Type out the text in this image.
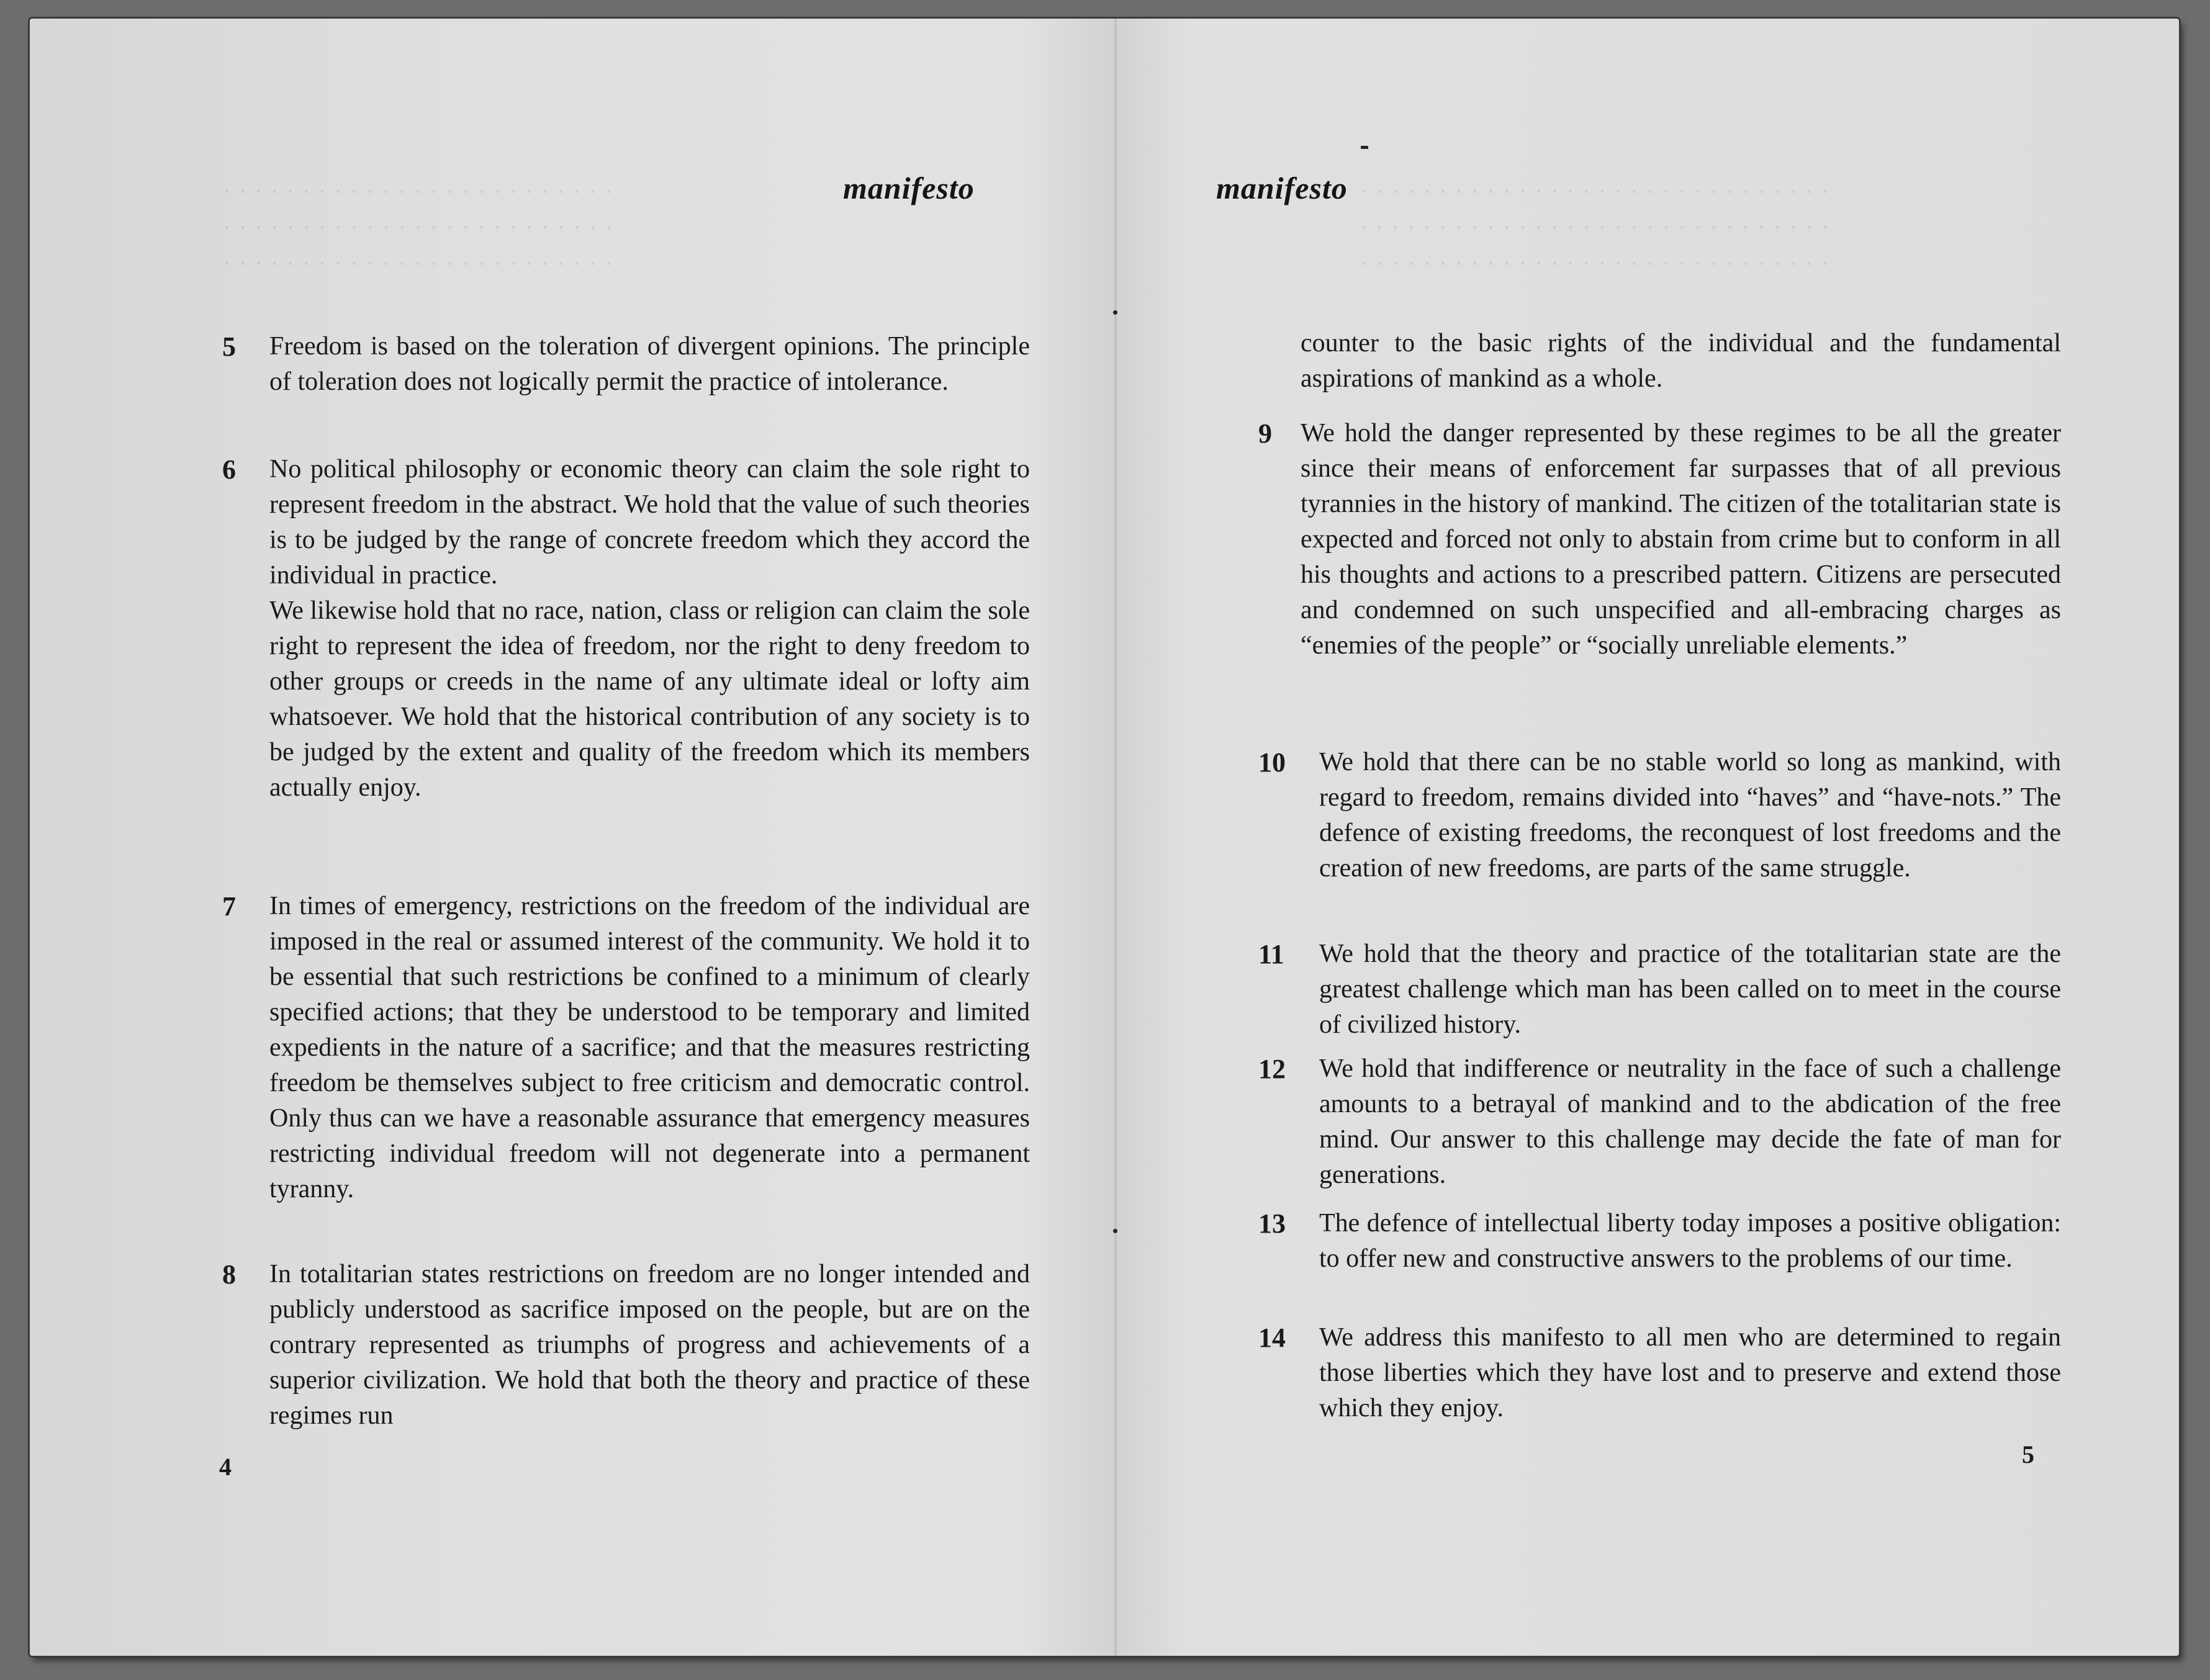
· · · · · · · · · · · · · · · · · · · · · · · · ·
· · · · · · · · · · · · · · · · · · · · · · · · ·
· · · · · · · · · · · · · · · · · · · · · · · · ·
manifesto
5 Freedom is based on the toleration of divergent opinions. The principle of toleration does not logically permit the practice of intolerance.

6 No political philosophy or economic theory can claim the sole right to represent freedom in the abstract. We hold that the value of such theories is to be judged by the range of concrete freedom which they accord the individual in practice.

We likewise hold that no race, nation, class or religion can claim the sole right to represent the idea of freedom, nor the right to deny freedom to other groups or creeds in the name of any ultimate ideal or lofty aim whatsoever. We hold that the historical contribution of any society is to be judged by the extent and quality of the freedom which its members actually enjoy.

7 In times of emergency, restrictions on the freedom of the individual are imposed in the real or assumed interest of the community. We hold it to be essential that such restrictions be confined to a minimum of clearly specified actions; that they be understood to be temporary and limited expedients in the nature of a sacrifice; and that the measures restricting freedom be themselves subject to free criticism and democratic control. Only thus can we have a reasonable assurance that emergency measures restricting individual freedom will not degenerate into a permanent tyranny.

8 In totalitarian states restrictions on freedom are no longer intended and publicly understood as sacrifice imposed on the people, but are on the contrary represented as triumphs of progress and achievements of a superior civilization. We hold that both the theory and practice of these regimes run

4
· · · · · · · · · · · · · · · · · · · · · · · · · · · · · ·
· · · · · · · · · · · · · · · · · · · · · · · · · · · · · ·
· · · · · · · · · · · · · · · · · · · · · · · · · · · · · ·
manifesto
counter to the basic rights of the individual and the fundamental aspirations of mankind as a whole.
9 We hold the danger represented by these regimes to be all the greater since their means of enforcement far surpasses that of all previous tyrannies in the history of mankind. The citizen of the totalitarian state is expected and forced not only to abstain from crime but to conform in all his thoughts and actions to a prescribed pattern. Citizens are persecuted and condemned on such unspecified and all-embracing charges as “enemies of the people” or “socially unreliable elements.”

10 We hold that there can be no stable world so long as mankind, with regard to freedom, remains divided into “haves” and “have-nots.” The defence of existing freedoms, the reconquest of lost freedoms and the creation of new freedoms, are parts of the same struggle.

11 We hold that the theory and practice of the totalitarian state are the greatest challenge which man has been called on to meet in the course of civilized history.

12 We hold that indifference or neutrality in the face of such a challenge amounts to a betrayal of mankind and to the abdication of the free mind. Our answer to this challenge may decide the fate of man for generations.

13 The defence of intellectual liberty today imposes a positive obligation: to offer new and constructive answers to the problems of our time.

14 We address this manifesto to all men who are determined to regain those liberties which they have lost and to preserve and extend those which they enjoy.

5
